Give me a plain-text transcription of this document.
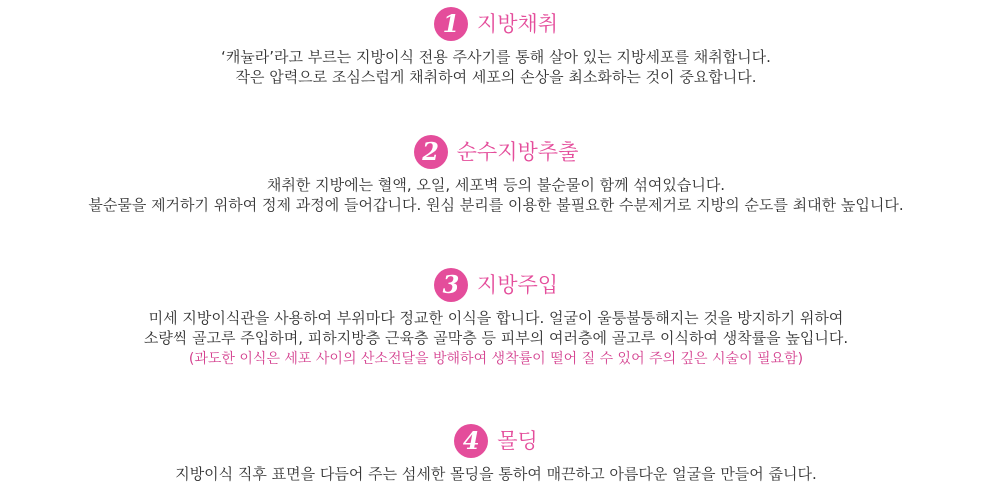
1 지방채취
‘캐뉼라’라고 부르는 지방이식 전용 주사기를 통해 살아 있는 지방세포를 채취합니다.
작은 압력으로 조심스럽게 채취하여 세포의 손상을 최소화하는 것이 중요합니다.
2 순수지방추출
채취한 지방에는 혈액, 오일, 세포벽 등의 불순물이 함께 섞여있습니다.
불순물을 제거하기 위하여 정제 과정에 들어갑니다. 원심 분리를 이용한 불필요한 수분제거로 지방의 순도를 최대한 높입니다.
3 지방주입
미세 지방이식관을 사용하여 부위마다 정교한 이식을 합니다. 얼굴이 울퉁불퉁해지는 것을 방지하기 위하여
소량씩 골고루 주입하며, 피하지방층 근육층 골막층 등 피부의 여러층에 골고루 이식하여 생착률을 높입니다.
(과도한 이식은 세포 사이의 산소전달을 방해하여 생착률이 떨어 질 수 있어 주의 깊은 시술이 필요함)
4 몰딩
지방이식 직후 표면을 다듬어 주는 섬세한 몰딩을 통하여 매끈하고 아름다운 얼굴을 만들어 줍니다.
